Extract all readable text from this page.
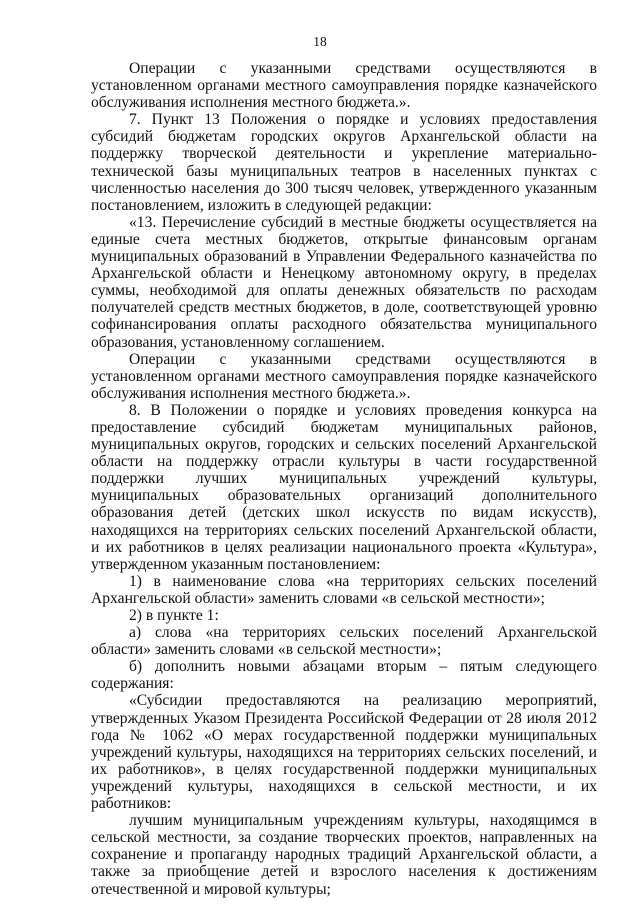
18

Операции с указанными средствами осуществляются в установленном органами местного самоуправления порядке казначейского обслуживания исполнения местного бюджета.».

7. Пункт 13 Положения о порядке и условиях предоставления субсидий бюджетам городских округов Архангельской области на поддержку творческой деятельности и укрепление материально-технической базы муниципальных театров в населенных пунктах с численностью населения до 300 тысяч человек, утвержденного указанным постановлением, изложить в следующей редакции:

«13. Перечисление субсидий в местные бюджеты осуществляется на единые счета местных бюджетов, открытые финансовым органам муниципальных образований в Управлении Федерального казначейства по Архангельской области и Ненецкому автономному округу, в пределах суммы, необходимой для оплаты денежных обязательств по расходам получателей средств местных бюджетов, в доле, соответствующей уровню софинансирования оплаты расходного обязательства муниципального образования, установленному соглашением.

Операции с указанными средствами осуществляются в установленном органами местного самоуправления порядке казначейского обслуживания исполнения местного бюджета.».

8. В Положении о порядке и условиях проведения конкурса на предоставление субсидий бюджетам муниципальных районов, муниципальных округов, городских и сельских поселений Архангельской области на поддержку отрасли культуры в части государственной поддержки лучших муниципальных учреждений культуры, муниципальных образовательных организаций дополнительного образования детей (детских школ искусств по видам искусств), находящихся на территориях сельских поселений Архангельской области, и их работников в целях реализации национального проекта «Культура», утвержденном указанным постановлением:

1) в наименование слова «на территориях сельских поселений Архангельской области» заменить словами «в сельской местности»;

2) в пункте 1:

а) слова «на территориях сельских поселений Архангельской области» заменить словами «в сельской местности»;

б) дополнить новыми абзацами вторым – пятым следующего содержания:

«Субсидии предоставляются на реализацию мероприятий, утвержденных Указом Президента Российской Федерации от 28 июля 2012 года № 1062 «О мерах государственной поддержки муниципальных учреждений культуры, находящихся на территориях сельских поселений, и их работников», в целях государственной поддержки муниципальных учреждений культуры, находящихся в сельской местности, и их работников:

лучшим муниципальным учреждениям культуры, находящимся в сельской местности, за создание творческих проектов, направленных на сохранение и пропаганду народных традиций Архангельской области, а также за приобщение детей и взрослого населения к достижениям отечественной и мировой культуры;
